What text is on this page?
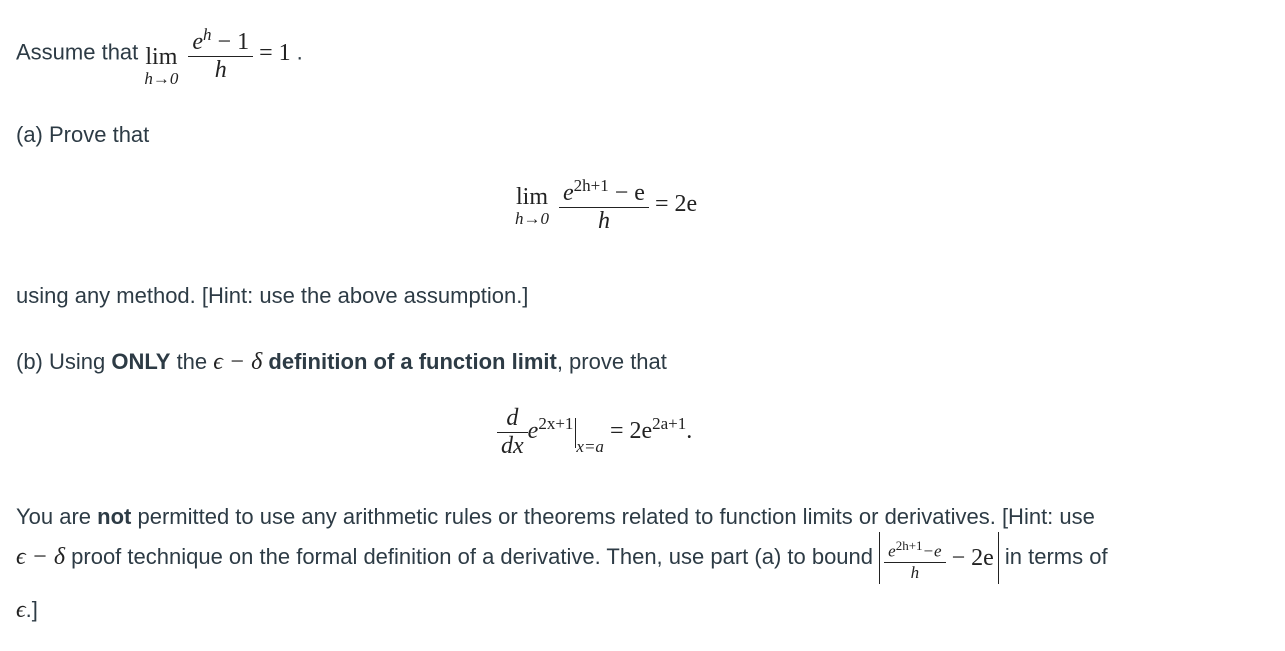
Assume that lim
h→0
$\frac{e^h - 1}{h} = 1$ .
(a) Prove that
lim
h→0
$\frac{e^{2h+1} - e}{h} = 2e$
using any method. [Hint: use the above assumption.]
(b) Using ONLY the ϵ − δ definition of a function limit, prove that
$\frac{d}{dx} e^{2x+1}_{x=a} = 2e^{2a+1}$.
You are not permitted to use any arithmetic rules or theorems related to function limits or derivatives. [Hint: use
ϵ − δ proof technique on the formal definition of a derivative. Then, use part (a) to bound $\frac{e^{2h+1}-e}{h} - 2e$ in terms of
ϵ.]
